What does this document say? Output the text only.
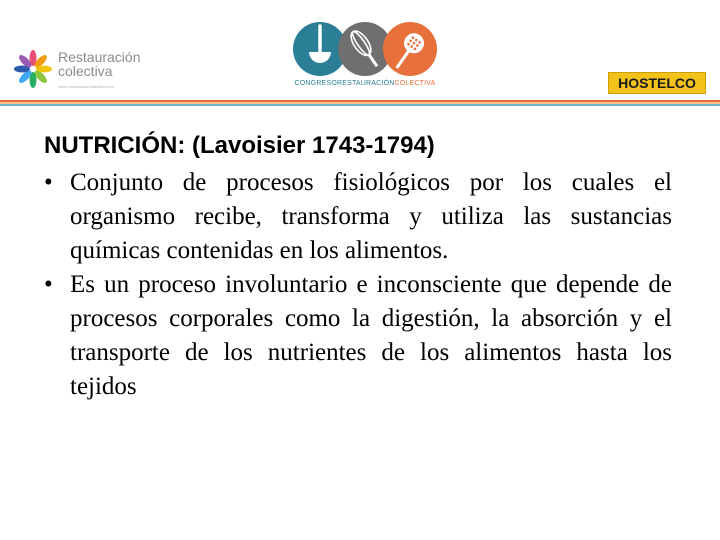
Restauración
colectiva
www.restauracioncolectiva.com	CONGRESORESTAURACIÓNCOLECTIVA	HOSTELCO
NUTRICIÓN: (Lavoisier 1743-1794)
• Conjunto de procesos fisiológicos por los cuales el organismo recibe, transforma y utiliza las sustancias químicas contenidas en los alimentos.
• Es un proceso involuntario e inconsciente que depende de procesos corporales como la digestión, la absorción y el transporte de los nutrientes de los alimentos hasta los tejidos
